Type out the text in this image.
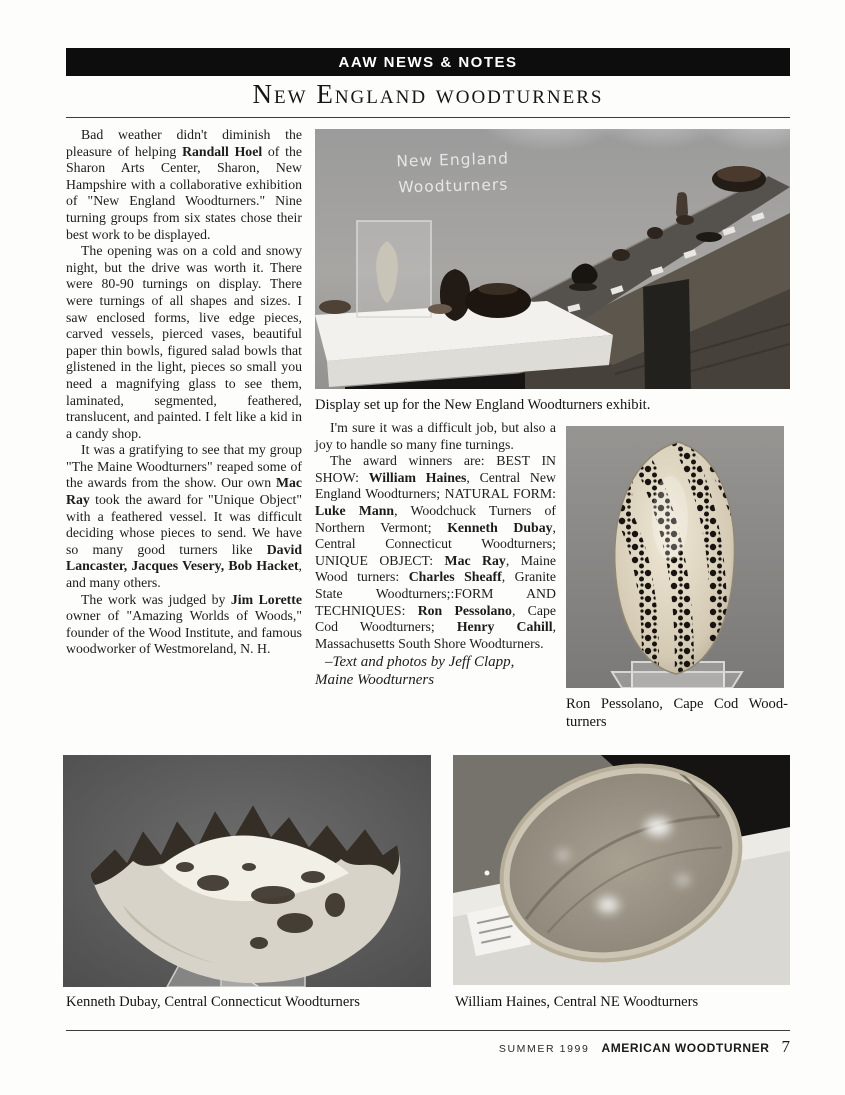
AAW NEWS & NOTES
New England woodturners

Bad weather didn't diminish the pleasure of helping Randall Hoel of the Sharon Arts Center, Sharon, New Hampshire with a collaborative exhibition of "New England Woodturners." Nine turning groups from six states chose their best work to be displayed.

The opening was on a cold and snowy night, but the drive was worth it. There were 80-90 turnings on display. There were turnings of all shapes and sizes. I saw enclosed forms, live edge pieces, carved vessels, pierced vases, beautiful paper thin bowls, figured salad bowls that glistened in the light, pieces so small you need a magnifying glass to see them, laminated, segmented, feathered, translucent, and painted. I felt like a kid in a candy shop.

It was a gratifying to see that my group "The Maine Woodturners" reaped some of the awards from the show. Our own Mac Ray took the award for "Unique Object" with a feathered vessel. It was difficult deciding whose pieces to send. We have so many good turners like David Lancaster, Jacques Vesery, Bob Hacket, and many others.

The work was judged by Jim Lorette owner of "Amazing Worlds of Woods," founder of the Wood Institute, and famous woodworker of Westmoreland, N. H.

New England
Woodturners
Display set up for the New England Woodturners exhibit.

I'm sure it was a difficult job, but also a joy to handle so many fine turnings.

The award winners are: BEST IN SHOW: William Haines, Central New England Woodturners; NATURAL FORM: Luke Mann, Woodchuck Turners of Northern Vermont; Kenneth Dubay, Central Connecticut Woodturners; UNIQUE OBJECT: Mac Ray, Maine Wood turners: Charles Sheaff, Granite State Woodturners;:FORM AND TECHNIQUES: Ron Pessolano, Cape Cod Woodturners; Henry Cahill, Massachusetts South Shore Woodturners.

–Text and photos by Jeff Clapp, Maine Woodturners

Ron Pessolano, Cape Cod Wood-turners
Kenneth Dubay, Central Connecticut Woodturners	William Haines, Central NE Woodturners
SUMMER 1999 AMERICAN WOODTURNER 7
